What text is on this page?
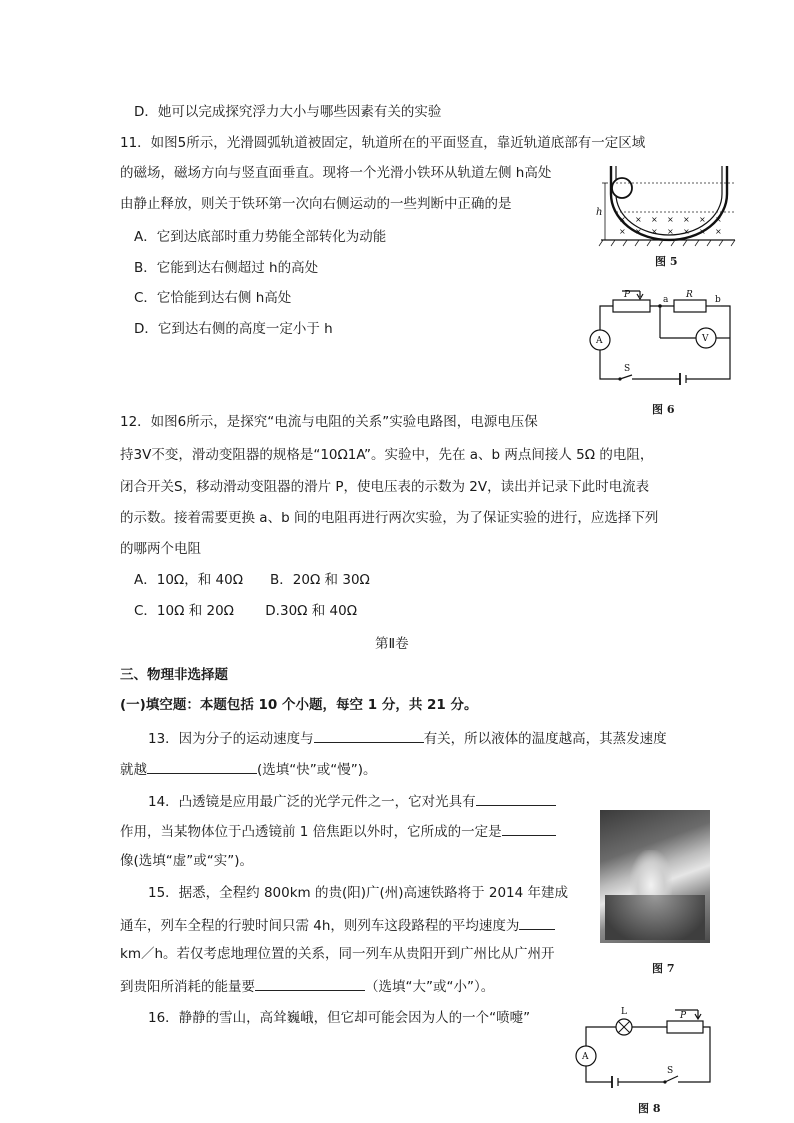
D．她可以完成探究浮力大小与哪些因素有关的实验
11．如图5所示，光滑圆弧轨道被固定，轨道所在的平面竖直，靠近轨道底部有一定区域
的磁场，磁场方向与竖直面垂直。现将一个光滑小铁环从轨道左侧 h高处
由静止释放，则关于铁环第一次向右侧运动的一些判断中正确的是
A．它到达底部时重力势能全部转化为动能
B．它能到达右侧超过 h的高处
C．它恰能到达右侧 h高处
D．它到达右侧的高度一定小于 h
12．如图6所示，是探究“电流与电阻的关系”实验电路图，电源电压保
持3V不变，滑动变阻器的规格是“10Ω1A”。实验中，先在 a、b 两点间接人 5Ω 的电阻，
闭合开关S，移动滑动变阻器的滑片 P，使电压表的示数为 2V，读出并记录下此时电流表
的示数。接着需要更换 a、b 间的电阻再进行两次实验，为了保证实验的进行，应选择下列
的哪两个电阻
A．10Ω，和 40Ω　　B．20Ω 和 30Ω
C．10Ω 和 20Ω　　 D.30Ω 和 40Ω
第Ⅱ卷
三、物理非选择题
(一)填空题：本题包括 10 个小题，每空 1 分，共 21 分。
13．因为分子的运动速度与	有关，所以液体的温度越高，其蒸发速度
就越	(选填“快”或“慢”)。
14．凸透镜是应用最广泛的光学元件之一，它对光具有
作用，当某物体位于凸透镜前 1 倍焦距以外时，它所成的一定是
像(选填“虚”或“实”)。
15．据悉，全程约 800km 的贵(阳)广(州)高速铁路将于 2014 年建成
通车，列车全程的行驶时间只需 4h，则列车这段路程的平均速度为
km／h。若仅考虑地理位置的关系，同一列车从贵阳开到广州比从广州开
到贵阳所消耗的能量要	（选填“大”或“小”）。
16．静静的雪山，高耸巍峨，但它却可能会因为人的一个“喷嚏”
× × × × × × ×
× × × × × × ×
h
图 5
P	a R b
A	V
S
图 6
图 7
L	P
A
S
图 8
